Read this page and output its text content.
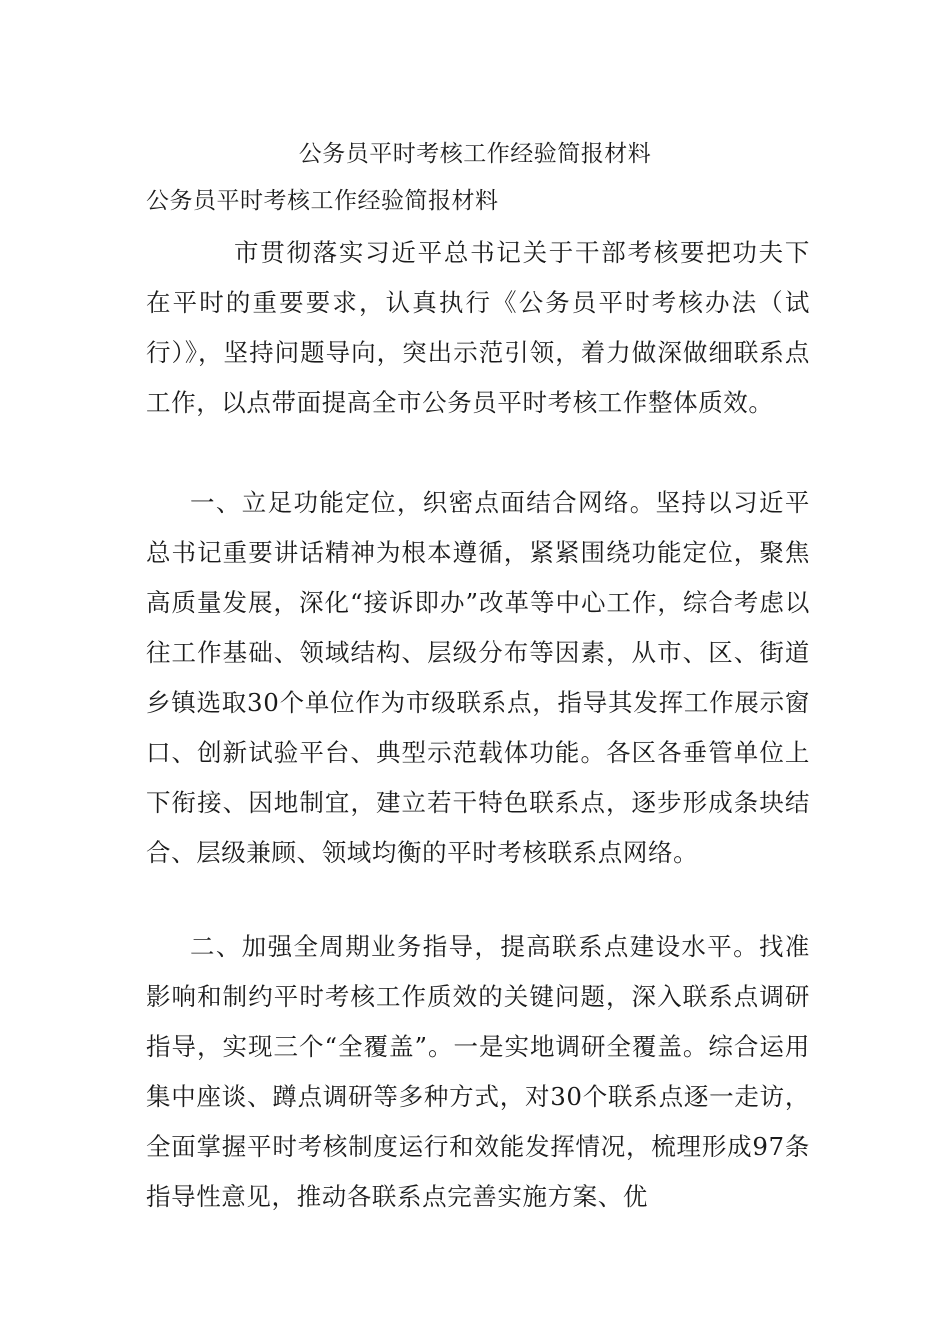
公务员平时考核工作经验简报材料

公务员平时考核工作经验简报材料

市贯彻落实习近平总书记关于干部考核要把功夫下在平时的重要要求，认真执行《公务员平时考核办法（试行）》，坚持问题导向，突出示范引领，着力做深做细联系点工作，以点带面提高全市公务员平时考核工作整体质效。

一、立足功能定位，织密点面结合网络。坚持以习近平总书记重要讲话精神为根本遵循，紧紧围绕功能定位，聚焦高质量发展，深化“接诉即办”改革等中心工作，综合考虑以往工作基础、领域结构、层级分布等因素，从市、区、街道乡镇选取30个单位作为市级联系点，指导其发挥工作展示窗口、创新试验平台、典型示范载体功能。各区各垂管单位上下衔接、因地制宜，建立若干特色联系点，逐步形成条块结合、层级兼顾、领域均衡的平时考核联系点网络。

二、加强全周期业务指导，提高联系点建设水平。找准影响和制约平时考核工作质效的关键问题，深入联系点调研指导，实现三个“全覆盖”。一是实地调研全覆盖。综合运用集中座谈、蹲点调研等多种方式，对30个联系点逐一走访，全面掌握平时考核制度运行和效能发挥情况，梳理形成97条指导性意见，推动各联系点完善实施方案、优
